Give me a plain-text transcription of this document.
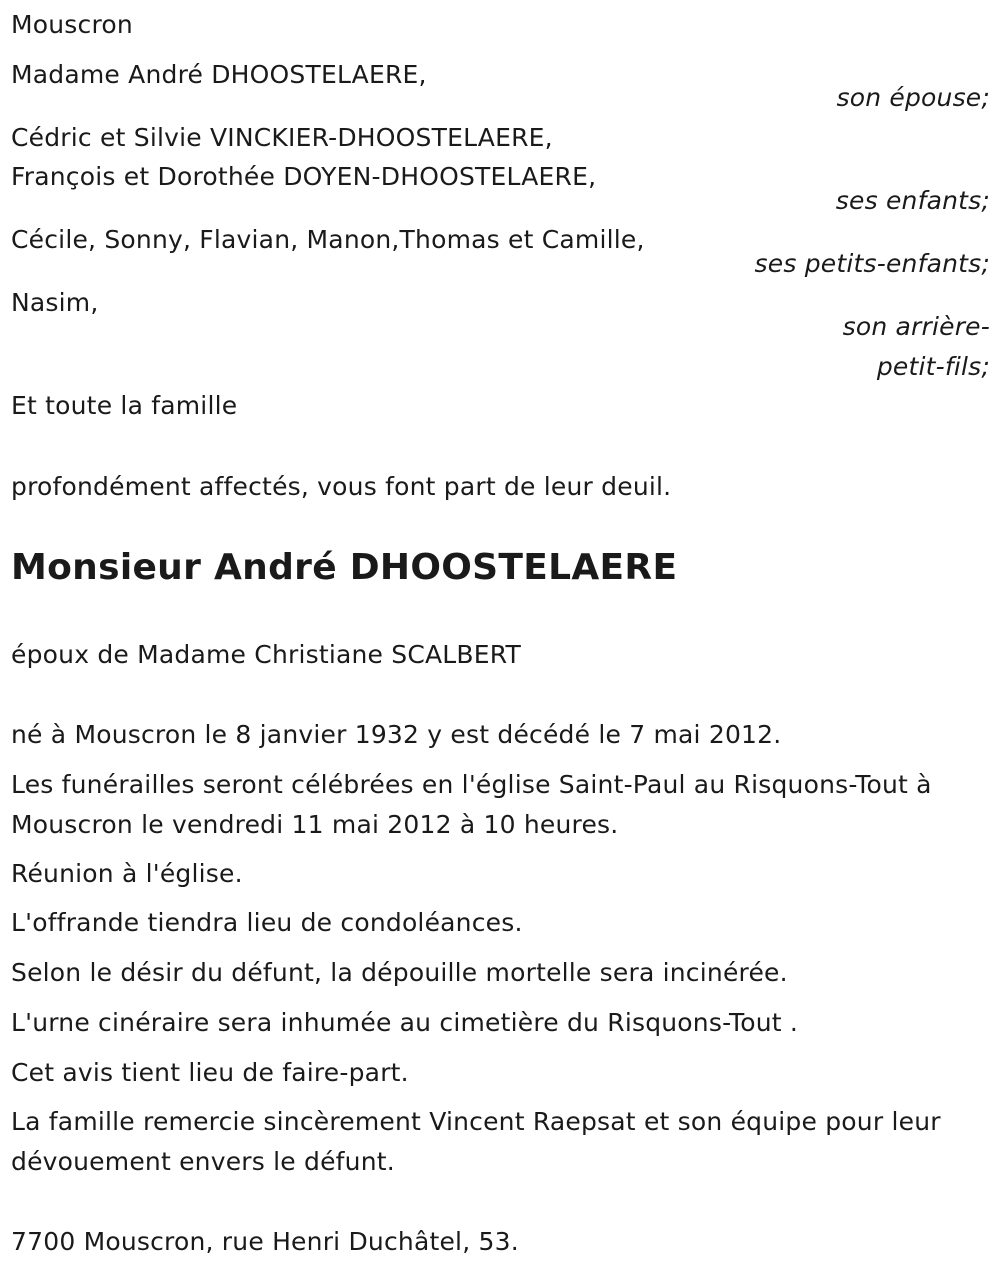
Mouscron
Madame André DHOOSTELAERE,
son épouse;
Cédric et Silvie VINCKIER-DHOOSTELAERE,
François et Dorothée DOYEN-DHOOSTELAERE,
ses enfants;
Cécile, Sonny, Flavian, Manon,Thomas et Camille,
ses petits-enfants;
Nasim,
son arrière-
petit-fils;
Et toute la famille
profondément affectés, vous font part de leur deuil.
Monsieur André DHOOSTELAERE
époux de Madame Christiane SCALBERT
né à Mouscron le 8 janvier 1932 y est décédé le 7 mai 2012.
Les funérailles seront célébrées en l'église Saint-Paul au Risquons-Tout à Mouscron le vendredi 11 mai 2012 à 10 heures.
Réunion à l'église.
L'offrande tiendra lieu de condoléances.
Selon le désir du défunt, la dépouille mortelle sera incinérée.
L'urne cinéraire sera inhumée au cimetière du Risquons-Tout .
Cet avis tient lieu de faire-part.
La famille remercie sincèrement Vincent Raepsat et son équipe pour leur dévouement envers le défunt.
7700 Mouscron, rue Henri Duchâtel, 53.
